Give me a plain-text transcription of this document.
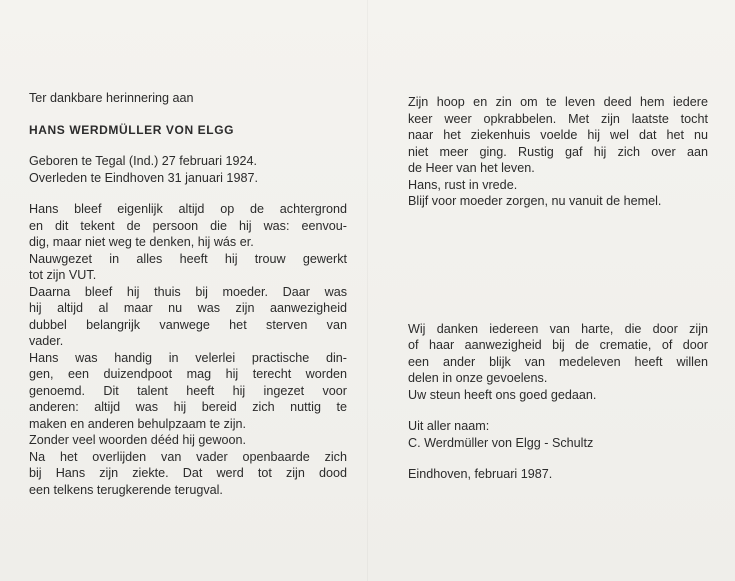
Ter dankbare herinnering aan
HANS WERDMÜLLER VON ELGG
Geboren te Tegal (Ind.) 27 februari 1924.
Overleden te Eindhoven 31 januari 1987.
Hans bleef eigenlijk altijd op de achtergrond
en dit tekent de persoon die hij was: eenvou-
dig, maar niet weg te denken, hij wás er.
Nauwgezet in alles heeft hij trouw gewerkt
tot zijn VUT.
Daarna bleef hij thuis bij moeder. Daar was
hij altijd al maar nu was zijn aanwezigheid
dubbel belangrijk vanwege het sterven van
vader.
Hans was handig in velerlei practische din-
gen, een duizendpoot mag hij terecht worden
genoemd. Dit talent heeft hij ingezet voor
anderen: altijd was hij bereid zich nuttig te
maken en anderen behulpzaam te zijn.
Zonder veel woorden dééd hij gewoon.
Na het overlijden van vader openbaarde zich
bij Hans zijn ziekte. Dat werd tot zijn dood
een telkens terugkerende terugval.
Zijn hoop en zin om te leven deed hem iedere
keer weer opkrabbelen. Met zijn laatste tocht
naar het ziekenhuis voelde hij wel dat het nu
niet meer ging. Rustig gaf hij zich over aan
de Heer van het leven.
Hans, rust in vrede.
Blijf voor moeder zorgen, nu vanuit de hemel.
Wij danken iedereen van harte, die door zijn
of haar aanwezigheid bij de crematie, of door
een ander blijk van medeleven heeft willen
delen in onze gevoelens.
Uw steun heeft ons goed gedaan.
Uit aller naam:
C. Werdmüller von Elgg - Schultz
Eindhoven, februari 1987.
